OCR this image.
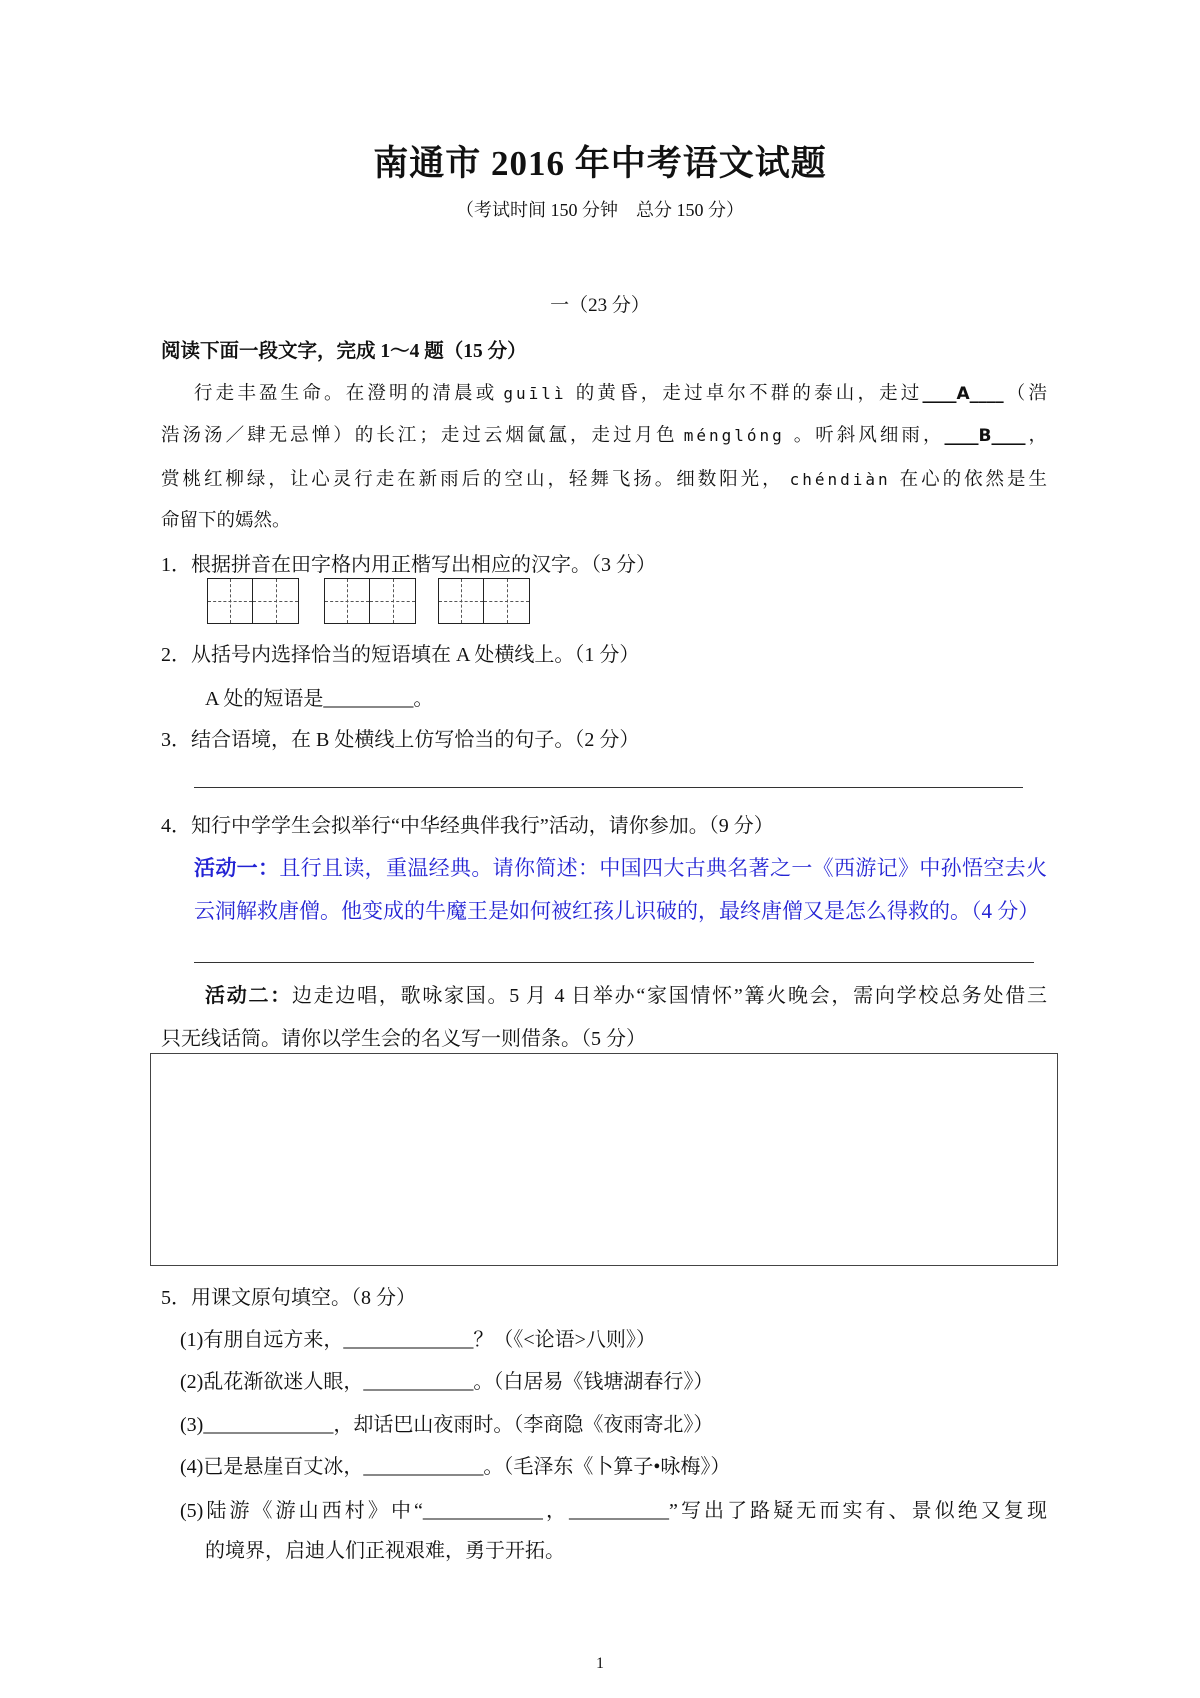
南通市 2016 年中考语文试题
（考试时间 150 分钟　总分 150 分）
一（23 分）
阅读下面一段文字，完成 1～4 题（15 分）
行走丰盈生命。在澄明的清晨或 guīlì 的黄昏，走过卓尔不群的泰山，走过____A____（浩
浩汤汤／肆无忌惮）的长江；走过云烟氤氲，走过月色 ménglóng 。听斜风细雨，____B____，
赏桃红柳绿，让心灵行走在新雨后的空山，轻舞飞扬。细数阳光， chéndiàn 在心的依然是生
命留下的嫣然。
1．根据拼音在田字格内用正楷写出相应的汉字。（3 分）
2．从括号内选择恰当的短语填在 A 处横线上。（1 分）
A 处的短语是_________。
3．结合语境，在 B 处横线上仿写恰当的句子。（2 分）
4．知行中学学生会拟举行“中华经典伴我行”活动，请你参加。（9 分）
活动一：且行且读，重温经典。请你简述：中国四大古典名著之一《西游记》中孙悟空去火
云洞解救唐僧。他变成的牛魔王是如何被红孩儿识破的，最终唐僧又是怎么得救的。（4 分）
活动二：边走边唱，歌咏家国。5 月 4 日举办“家国情怀”篝火晚会，需向学校总务处借三
只无线话筒。请你以学生会的名义写一则借条。（5 分）
5．用课文原句填空。（8 分）
(1)有朋自远方来，_____________？（《<论语>八则》）
(2)乱花渐欲迷人眼，___________。（白居易《钱塘湖春行》）
(3)_____________，却话巴山夜雨时。（李商隐《夜雨寄北》）
(4)已是悬崖百丈冰，____________。（毛泽东《卜算子•咏梅》）
(5)陆游《游山西村》中“____________，__________”写出了路疑无而实有、景似绝又复现
的境界，启迪人们正视艰难，勇于开拓。
1
